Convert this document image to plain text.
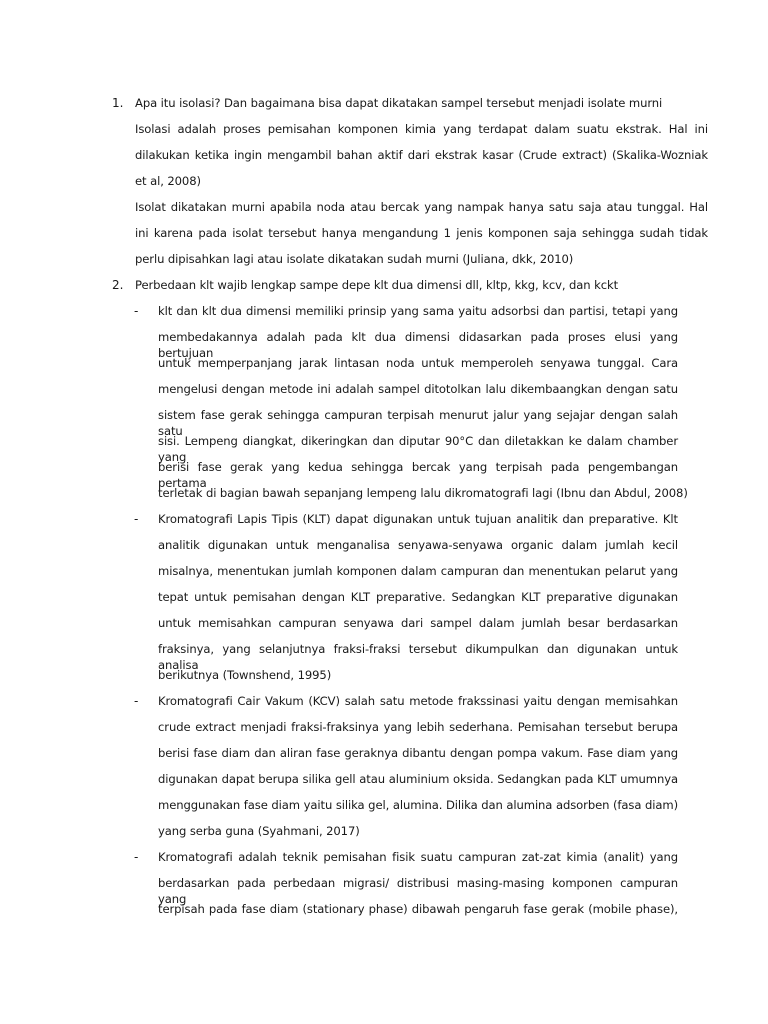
1. Apa itu isolasi? Dan bagaimana bisa dapat dikatakan sampel tersebut menjadi isolate murni
Isolasi adalah proses pemisahan komponen kimia yang terdapat dalam suatu ekstrak. Hal ini
dilakukan ketika ingin mengambil bahan aktif dari ekstrak kasar (Crude extract) (Skalika-Wozniak
et al, 2008)
Isolat dikatakan murni apabila noda atau bercak yang nampak hanya satu saja atau tunggal. Hal
ini karena pada isolat tersebut hanya mengandung 1 jenis komponen saja sehingga sudah tidak
perlu dipisahkan lagi atau isolate dikatakan sudah murni (Juliana, dkk, 2010)
2. Perbedaan klt wajib lengkap sampe depe klt dua dimensi dll, kltp, kkg, kcv, dan kckt
- klt dan klt dua dimensi memiliki prinsip yang sama yaitu adsorbsi dan partisi, tetapi yang
membedakannya adalah pada klt dua dimensi didasarkan pada proses elusi yang bertujuan
untuk memperpanjang jarak lintasan noda untuk memperoleh senyawa tunggal. Cara
mengelusi dengan metode ini adalah sampel ditotolkan lalu dikembaangkan dengan satu
sistem fase gerak sehingga campuran terpisah menurut jalur yang sejajar dengan salah satu
sisi. Lempeng diangkat, dikeringkan dan diputar 90°C dan diletakkan ke dalam chamber yang
berisi fase gerak yang kedua sehingga bercak yang terpisah pada pengembangan pertama
terletak di bagian bawah sepanjang lempeng lalu dikromatografi lagi (Ibnu dan Abdul, 2008)
- Kromatografi Lapis Tipis (KLT) dapat digunakan untuk tujuan analitik dan preparative. Klt
analitik digunakan untuk menganalisa senyawa-senyawa organic dalam jumlah kecil
misalnya, menentukan jumlah komponen dalam campuran dan menentukan pelarut yang
tepat untuk pemisahan dengan KLT preparative. Sedangkan KLT preparative digunakan
untuk memisahkan campuran senyawa dari sampel dalam jumlah besar berdasarkan
fraksinya, yang selanjutnya fraksi-fraksi tersebut dikumpulkan dan digunakan untuk analisa
berikutnya (Townshend, 1995)
- Kromatografi Cair Vakum (KCV) salah satu metode frakssinasi yaitu dengan memisahkan
crude extract menjadi fraksi-fraksinya yang lebih sederhana. Pemisahan tersebut berupa
berisi fase diam dan aliran fase geraknya dibantu dengan pompa vakum. Fase diam yang
digunakan dapat berupa silika gell atau aluminium oksida. Sedangkan pada KLT umumnya
menggunakan fase diam yaitu silika gel, alumina. Dilika dan alumina adsorben (fasa diam)
yang serba guna (Syahmani, 2017)
- Kromatografi adalah teknik pemisahan fisik suatu campuran zat-zat kimia (analit) yang
berdasarkan pada perbedaan migrasi/ distribusi masing-masing komponen campuran yang
terpisah pada fase diam (stationary phase) dibawah pengaruh fase gerak (mobile phase),
